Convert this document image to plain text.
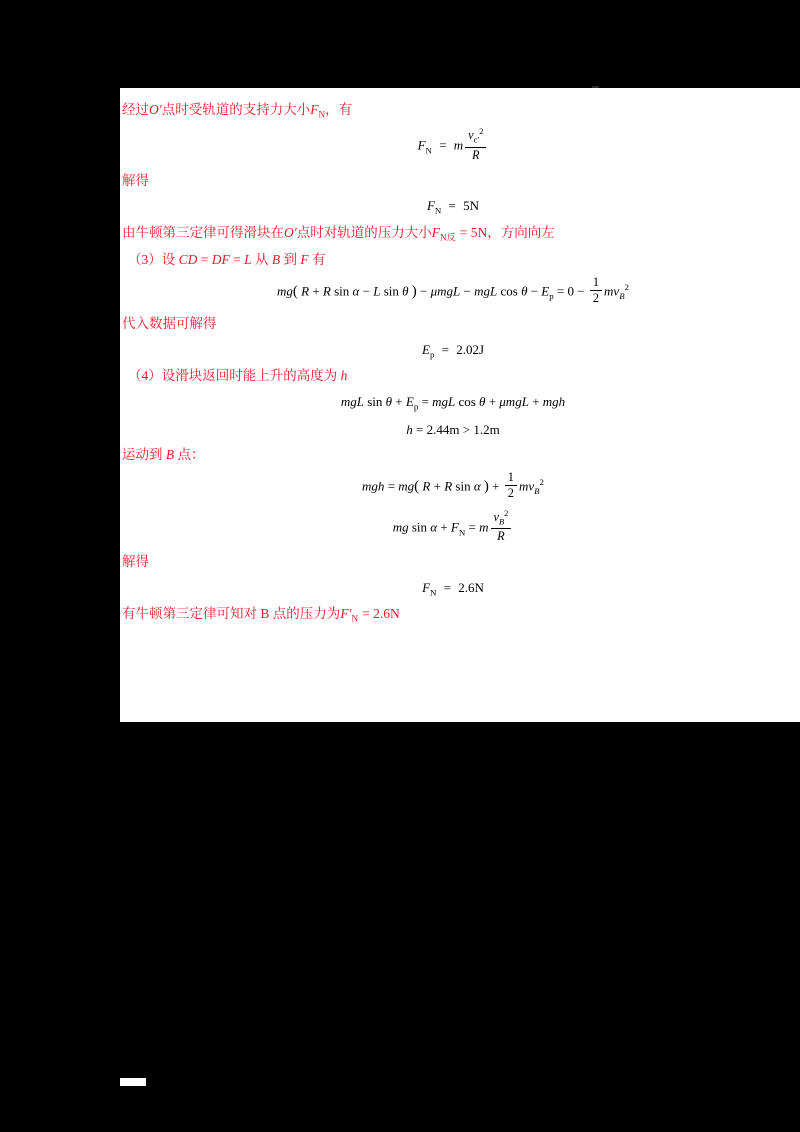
经过O′点时受轨道的支持力大小$F_N$，有
$F_N = m \frac{v_{c'}^2}{R}$
解得
$F_N = 5N$
由牛顿第三定律可得滑块在O′点时对轨道的压力大小$F_{N反} = 5N$，方向向左
（3）设 CD = DF = L 从 B 到 F 有
mg( R + R sin α − L sin θ ) − μmgL − mgL $\cos \theta - E_p = 0 - \frac{1}{2} mv_B^2$
代入数据可解得
$E_p = 2.02J$
（4）设滑块返回时能上升的高度为 h
mgL $\sin \theta + E_p$ = mgL cos θ + μmgL + mgh
h = 2.44m > 1.2m
运动到 B 点：
mgh = mg( R + R sin α ) + $\frac{1}{2} mv_B^2$
mg $\sin \alpha + F_N = m \frac{v_B^2}{R}$
解得
$F_N = 2.6N$
有牛顿第三定律可知对 B 点的压力为$F'_N = 2.6N$
